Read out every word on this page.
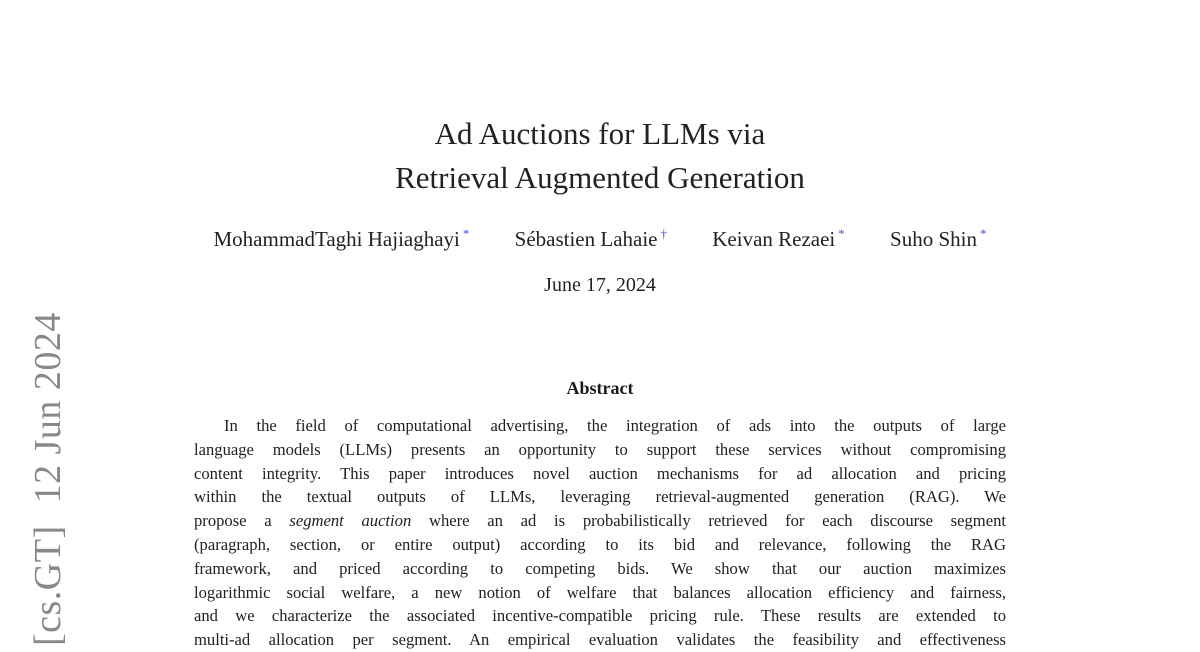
[cs.GT]12 Jun 2024
Ad Auctions for LLMs via
Retrieval Augmented Generation
MohammadTaghi Hajiaghayi * Sébastien Lahaie † Keivan Rezaei * Suho Shin *
June 17, 2024
Abstract
In the field of computational advertising, the integration of ads into the outputs of large
language models (LLMs) presents an opportunity to support these services without compromising
content integrity. This paper introduces novel auction mechanisms for ad allocation and pricing
within the textual outputs of LLMs, leveraging retrieval-augmented generation (RAG). We
propose a segment auction where an ad is probabilistically retrieved for each discourse segment
(paragraph, section, or entire output) according to its bid and relevance, following the RAG
framework, and priced according to competing bids. We show that our auction maximizes
logarithmic social welfare, a new notion of welfare that balances allocation efficiency and fairness,
and we characterize the associated incentive-compatible pricing rule. These results are extended to
multi-ad allocation per segment. An empirical evaluation validates the feasibility and effectiveness
